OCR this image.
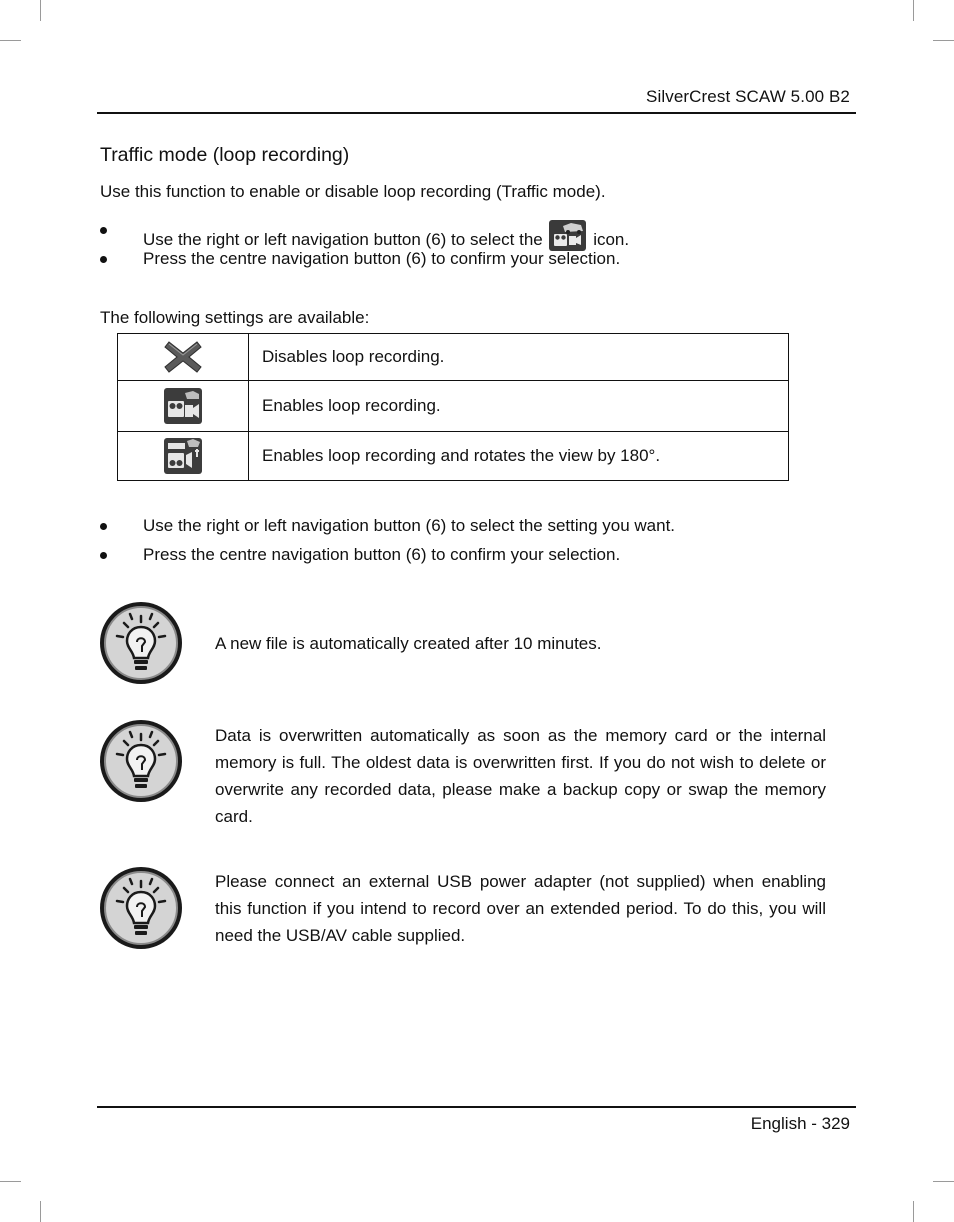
SilverCrest SCAW 5.00 B2
Traffic mode (loop recording)
Use this function to enable or disable loop recording (Traffic mode).
Use the right or left navigation button (6) to select the	icon.
Press the centre navigation button (6) to confirm your selection.
The following settings are available:
	Disables loop recording.

	Enables loop recording.

	Enables loop recording and rotates the view by 180°.
Use the right or left navigation button (6) to select the setting you want.
Press the centre navigation button (6) to confirm your selection.
A new file is automatically created after 10 minutes.
Data is overwritten automatically as soon as the memory card or the internal memory is full. The oldest data is overwritten first. If you do not wish to delete or overwrite any recorded data, please make a backup copy or swap the memory card.
Please connect an external USB power adapter (not supplied) when enabling this function if you intend to record over an extended period. To do this, you will need the USB/AV cable supplied.
English - 329
